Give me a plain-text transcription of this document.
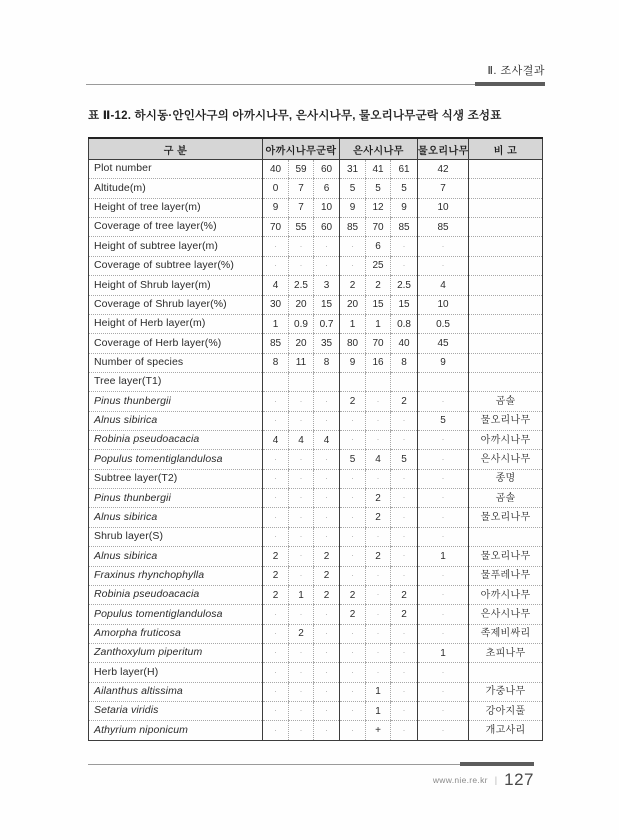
Ⅱ. 조사결과
표 Ⅱ-12. 하시동·안인사구의 아까시나무, 은사시나무, 물오리나무군락 식생 조성표
구 분	아까시나무군락			은사시나무			물오리나무	비 고
Plot number	40	59	60	31	41	61	42	
Altitude(m)	0	7	6	5	5	5	7	
Height of tree layer(m)	9	7	10	9	12	9	10	
Coverage of tree layer(%)	70	55	60	85	70	85	85	
Height of subtree layer(m)	·	·	·	·	6	·	·	
Coverage of subtree layer(%)	·	·	·	·	25	·	·	
Height of Shrub layer(m)	4	2.5	3	2	2	2.5	4	
Coverage of Shrub layer(%)	30	20	15	20	15	15	10	
Height of Herb layer(m)	1	0.9	0.7	1	1	0.8	0.5	
Coverage of Herb layer(%)	85	20	35	80	70	40	45	
Number of species	8	11	8	9	16	8	9	
Tree layer(T1)								
Pinus thunbergii	·	·	·	2	·	2	·	곰솔
Alnus sibirica	·	·	·	·	·	·	5	물오리나무
Robinia pseudoacacia	4	4	4	·	·	·	·	아까시나무
Populus tomentiglandulosa	·	·	·	5	4	5	·	은사시나무
Subtree layer(T2)	·	·	·	·	·	·	·	종명
Pinus thunbergii	·	·	·	·	2	·	·	곰솔
Alnus sibirica	·	·	·	·	2	·	·	물오리나무
Shrub layer(S)	·	·	·	·	·	·	·	
Alnus sibirica	2	·	2	·	2	·	1	물오리나무
Fraxinus rhynchophylla	2	·	2	·	·	·	·	물푸레나무
Robinia pseudoacacia	2	1	2	2	·	2	·	아까시나무
Populus tomentiglandulosa	·	·	·	2	·	2	·	은사시나무
Amorpha fruticosa	·	2	·	·	·	·	·	족제비싸리
Zanthoxylum piperitum	·	·	·	·	·	·	1	초피나무
Herb layer(H)	·	·	·	·	·	·	·	
Ailanthus altissima	·	·	·	·	1	·	·	가중나무
Setaria viridis	·	·	·	·	1	·	·	강아지풀
Athyrium niponicum	·	·	·	·	+	·	·	개고사리
www.nie.re.kr | 127
